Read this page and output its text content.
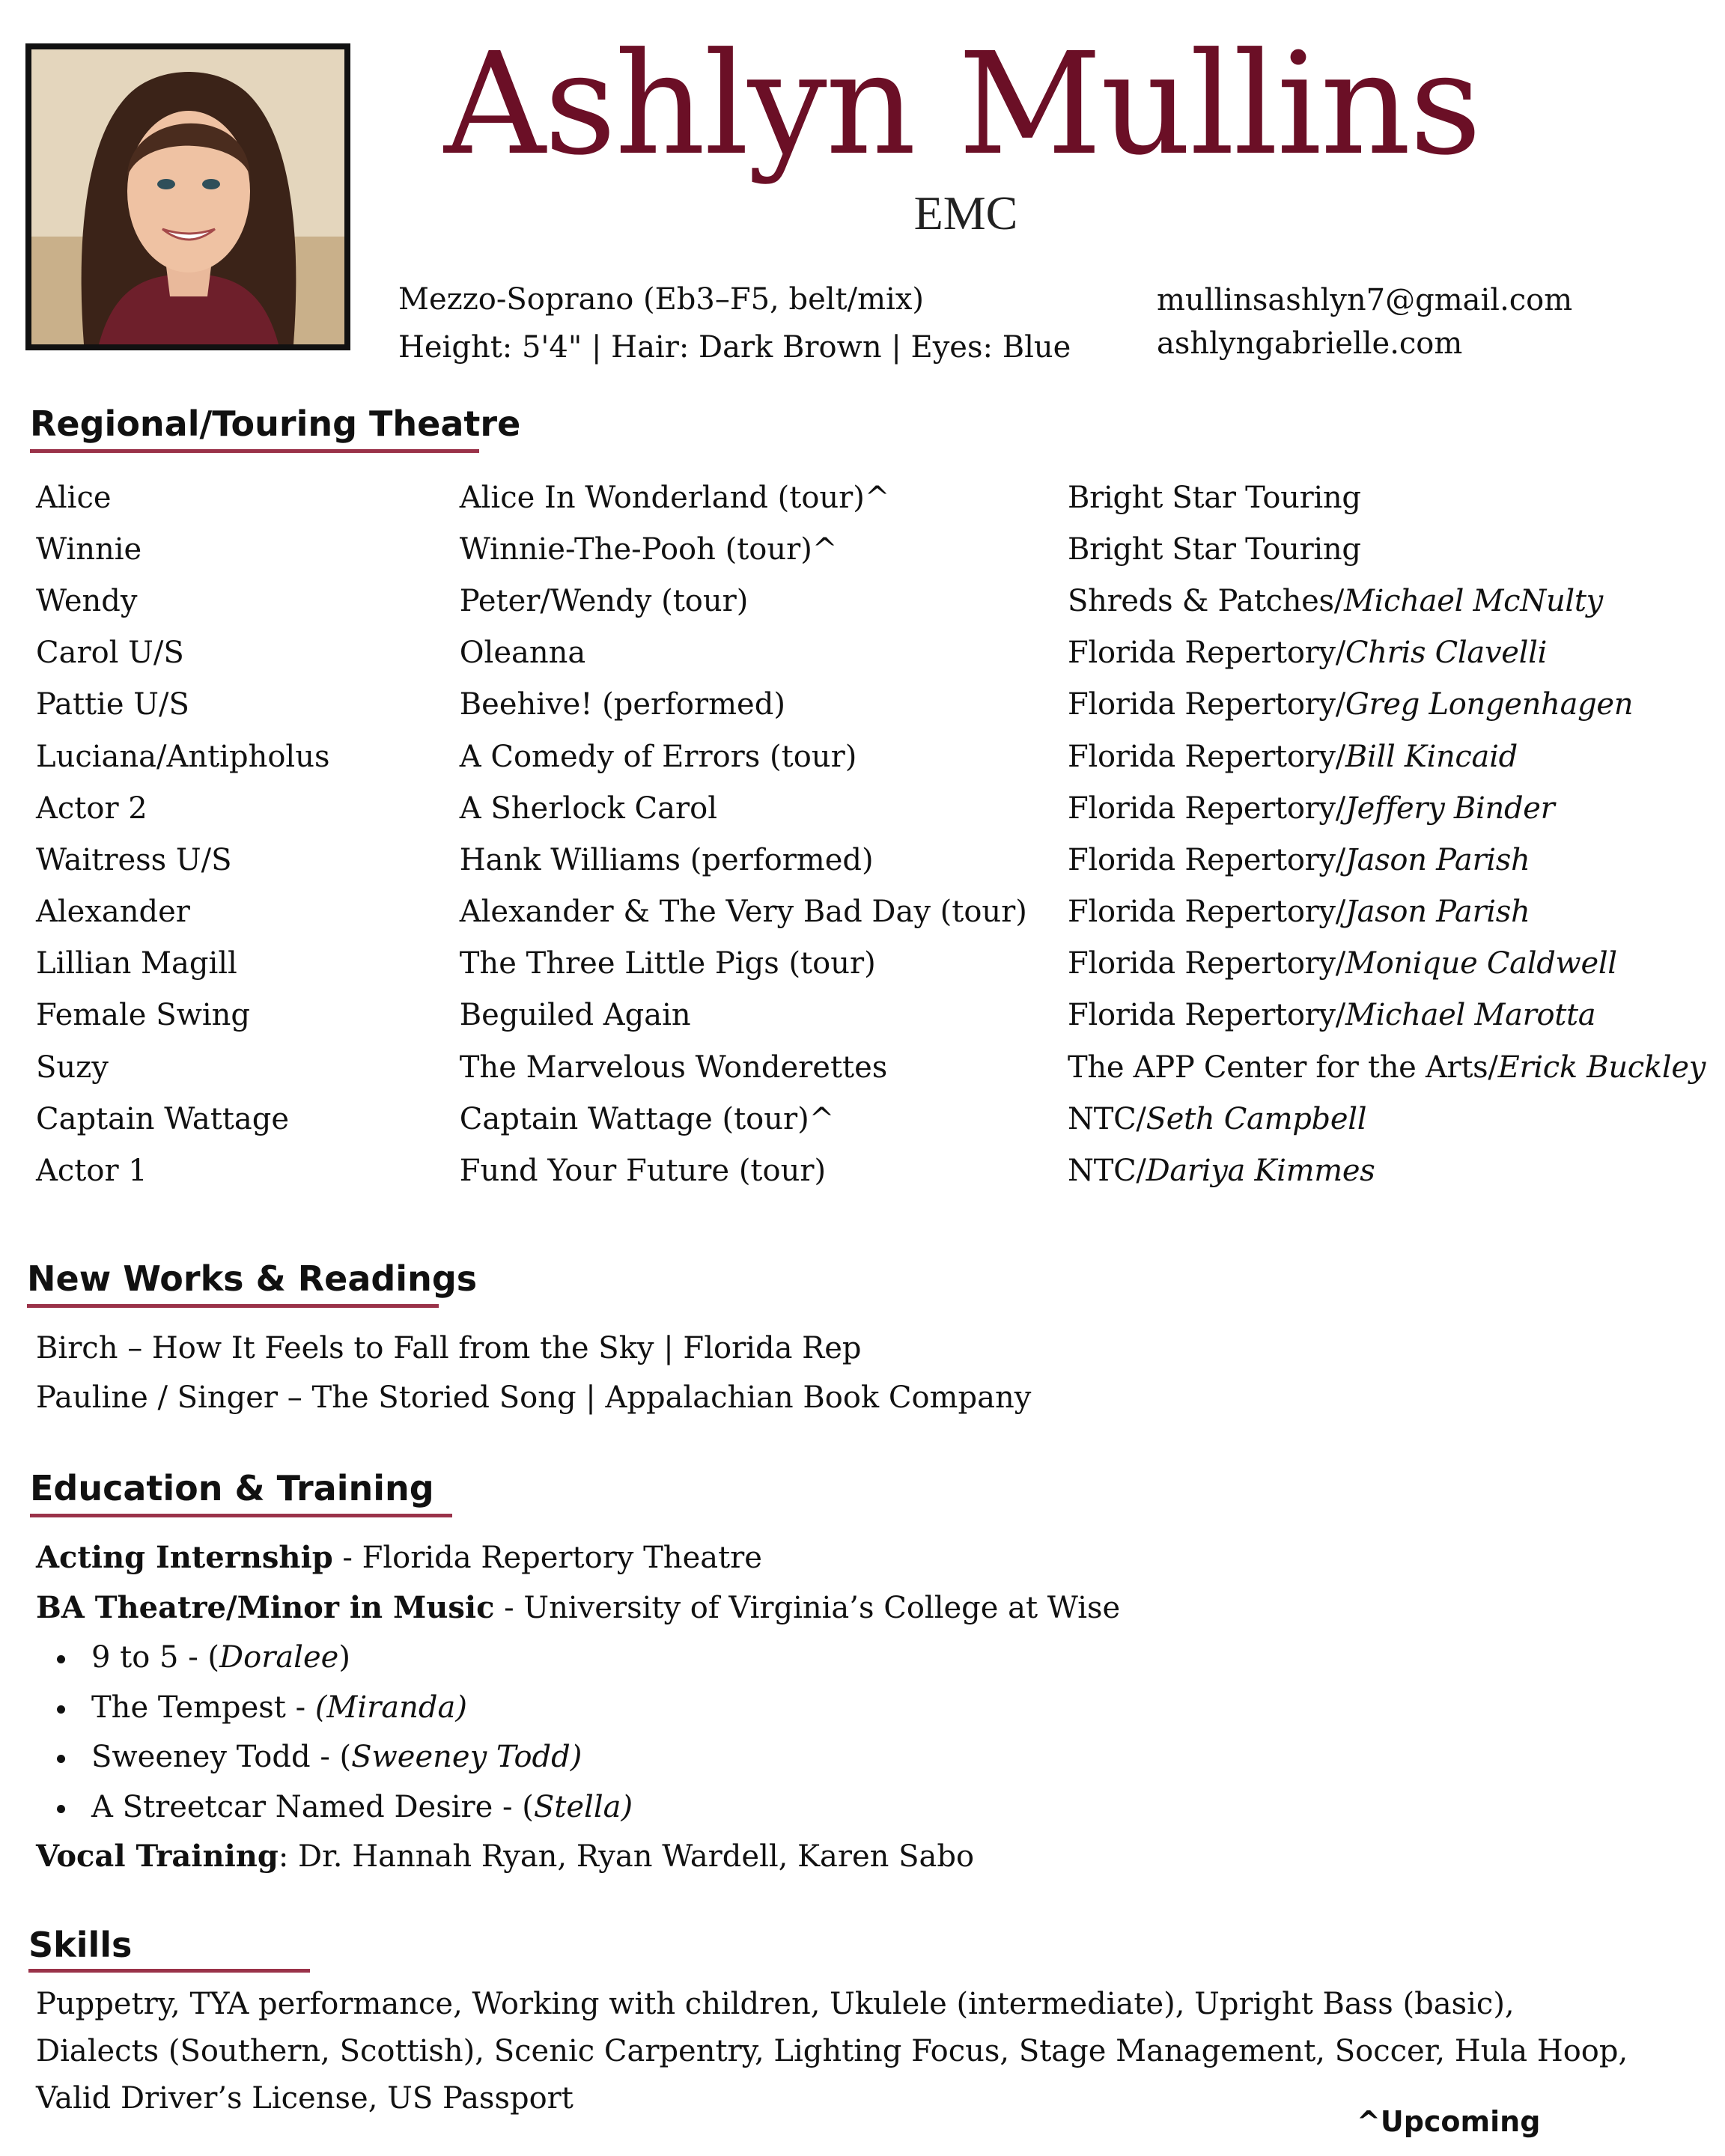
Ashlyn Mullins
EMC
Mezzo-Soprano (Eb3–F5, belt/mix)
Height: 5'4" | Hair: Dark Brown | Eyes: Blue
mullinsashlyn7@gmail.com
ashlyngabrielle.com
Regional/Touring Theatre
Alice	Alice In Wonderland (tour)^	Bright Star Touring
Winnie	Winnie-The-Pooh (tour)^	Bright Star Touring
Wendy	Peter/Wendy (tour)	Shreds & Patches/Michael McNulty
Carol U/S	Oleanna	Florida Repertory/Chris Clavelli
Pattie U/S	Beehive! (performed)	Florida Repertory/Greg Longenhagen
Luciana/Antipholus	A Comedy of Errors (tour)	Florida Repertory/Bill Kincaid
Actor 2	A Sherlock Carol	Florida Repertory/Jeffery Binder
Waitress U/S	Hank Williams (performed)	Florida Repertory/Jason Parish
Alexander	Alexander & The Very Bad Day (tour)	Florida Repertory/Jason Parish
Lillian Magill	The Three Little Pigs (tour)	Florida Repertory/Monique Caldwell
Female Swing	Beguiled Again	Florida Repertory/Michael Marotta
Suzy	The Marvelous Wonderettes	The APP Center for the Arts/Erick Buckley
Captain Wattage	Captain Wattage (tour)^	NTC/Seth Campbell
Actor 1	Fund Your Future (tour)	NTC/Dariya Kimmes
New Works & Readings
Birch – How It Feels to Fall from the Sky | Florida Rep
Pauline / Singer – The Storied Song | Appalachian Book Company
Education & Training
Acting Internship - Florida Repertory Theatre
BA Theatre/Minor in Music - University of Virginia’s College at Wise
9 to 5 - (Doralee)
The Tempest - (Miranda)
Sweeney Todd - (Sweeney Todd)
A Streetcar Named Desire - (Stella)
Vocal Training: Dr. Hannah Ryan, Ryan Wardell, Karen Sabo
Skills
Puppetry, TYA performance, Working with children, Ukulele (intermediate), Upright Bass (basic),
Dialects (Southern, Scottish), Scenic Carpentry, Lighting Focus, Stage Management, Soccer, Hula Hoop,
Valid Driver’s License, US Passport
^Upcoming
